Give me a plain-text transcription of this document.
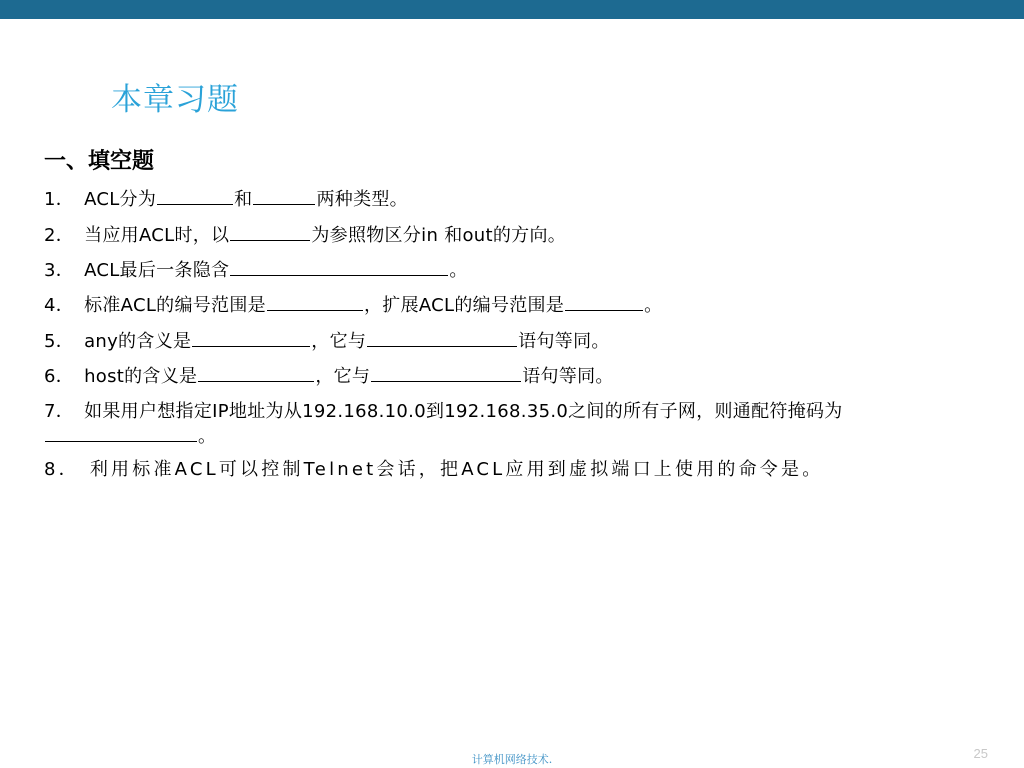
本章习题
一、填空题
1． ACL分为	和	两种类型。
2． 当应用ACL时，以	为参照物区分in 和out的方向。
3． ACL最后一条隐含	。
4． 标准ACL的编号范围是	，扩展ACL的编号范围是	。
5． any的含义是	，它与	语句等同。
6． host的含义是	，它与	语句等同。
7． 如果用户想指定IP地址为从192.168.10.0到192.168.35.0之间的所有子网，则通配符掩码为。
8． 利用标准ACL可以控制Telnet会话，把ACL应用到虚拟端口上使用的命令是。
计算机网络技术.	25
